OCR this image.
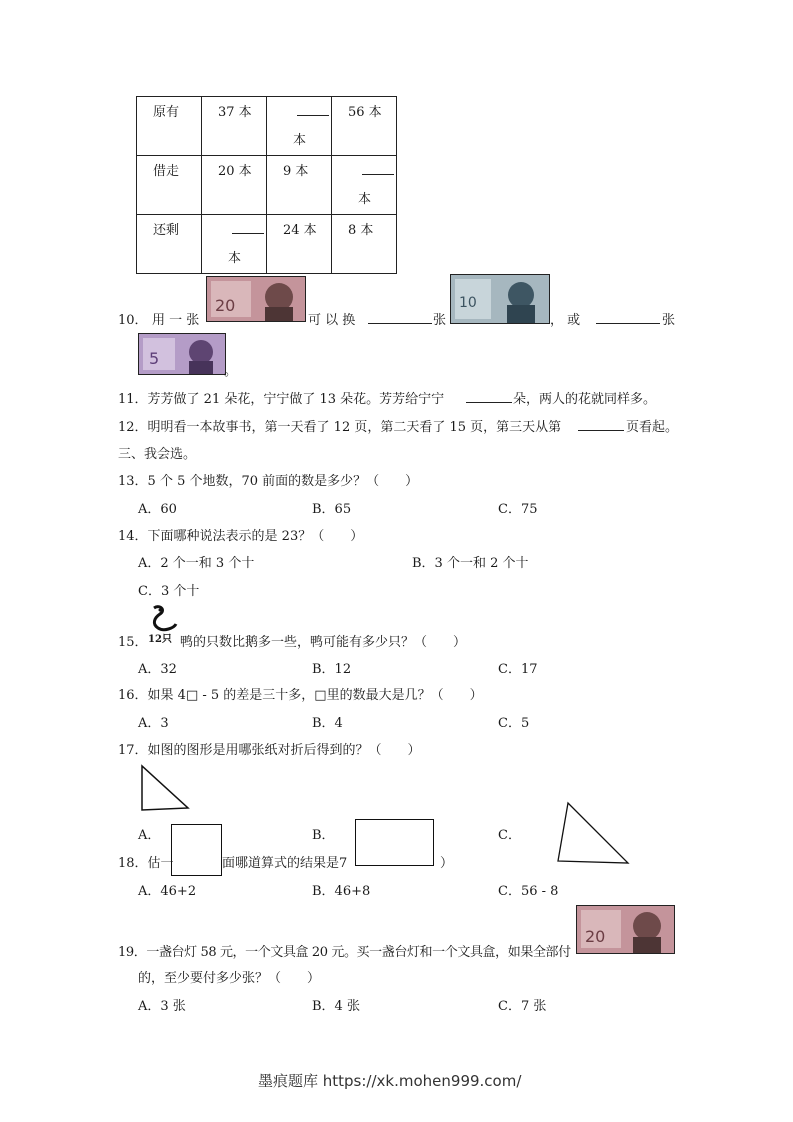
原有	37 本	本	56 本

借走	20 本	9 本	本

还剩	本	24 本	8 本
10． 用 一 张
20
可 以 换	张
10
， 或	张
5
。
11．芳芳做了 21 朵花，宁宁做了 13 朵花。芳芳给宁宁	朵，两人的花就同样多。
12．明明看一本故事书，第一天看了 12 页，第二天看了 15 页，第三天从第	页看起。
三、我会选。
13．5 个 5 个地数，70 前面的数是多少？（　　）
A．60	B．65	C．75
14．下面哪种说法表示的是 23？（　　）
A．2 个一和 3 个十	B．3 个一和 2 个十
C．3 个十
15． 12只 鸭的只数比鹅多一些，鸭可能有多少只？（　　）
A．32	B．12	C．17
16．如果 4□ - 5 的差是三十多，□里的数最大是几？（　　）
A．3	B．4	C．5
17．如图的图形是用哪张纸对折后得到的？（　　）
A．	B．	C．
18．估一	面哪道算式的结果是7	）
A．46+2	B．46+8	C．56 - 8
20
19．一盏台灯 58 元，一个文具盒 20 元。买一盏台灯和一个文具盒，如果全部付
的，至少要付多少张？（　　）
A．3 张	B．4 张	C．7 张
墨痕题库 https://xk.mohen999.com/
